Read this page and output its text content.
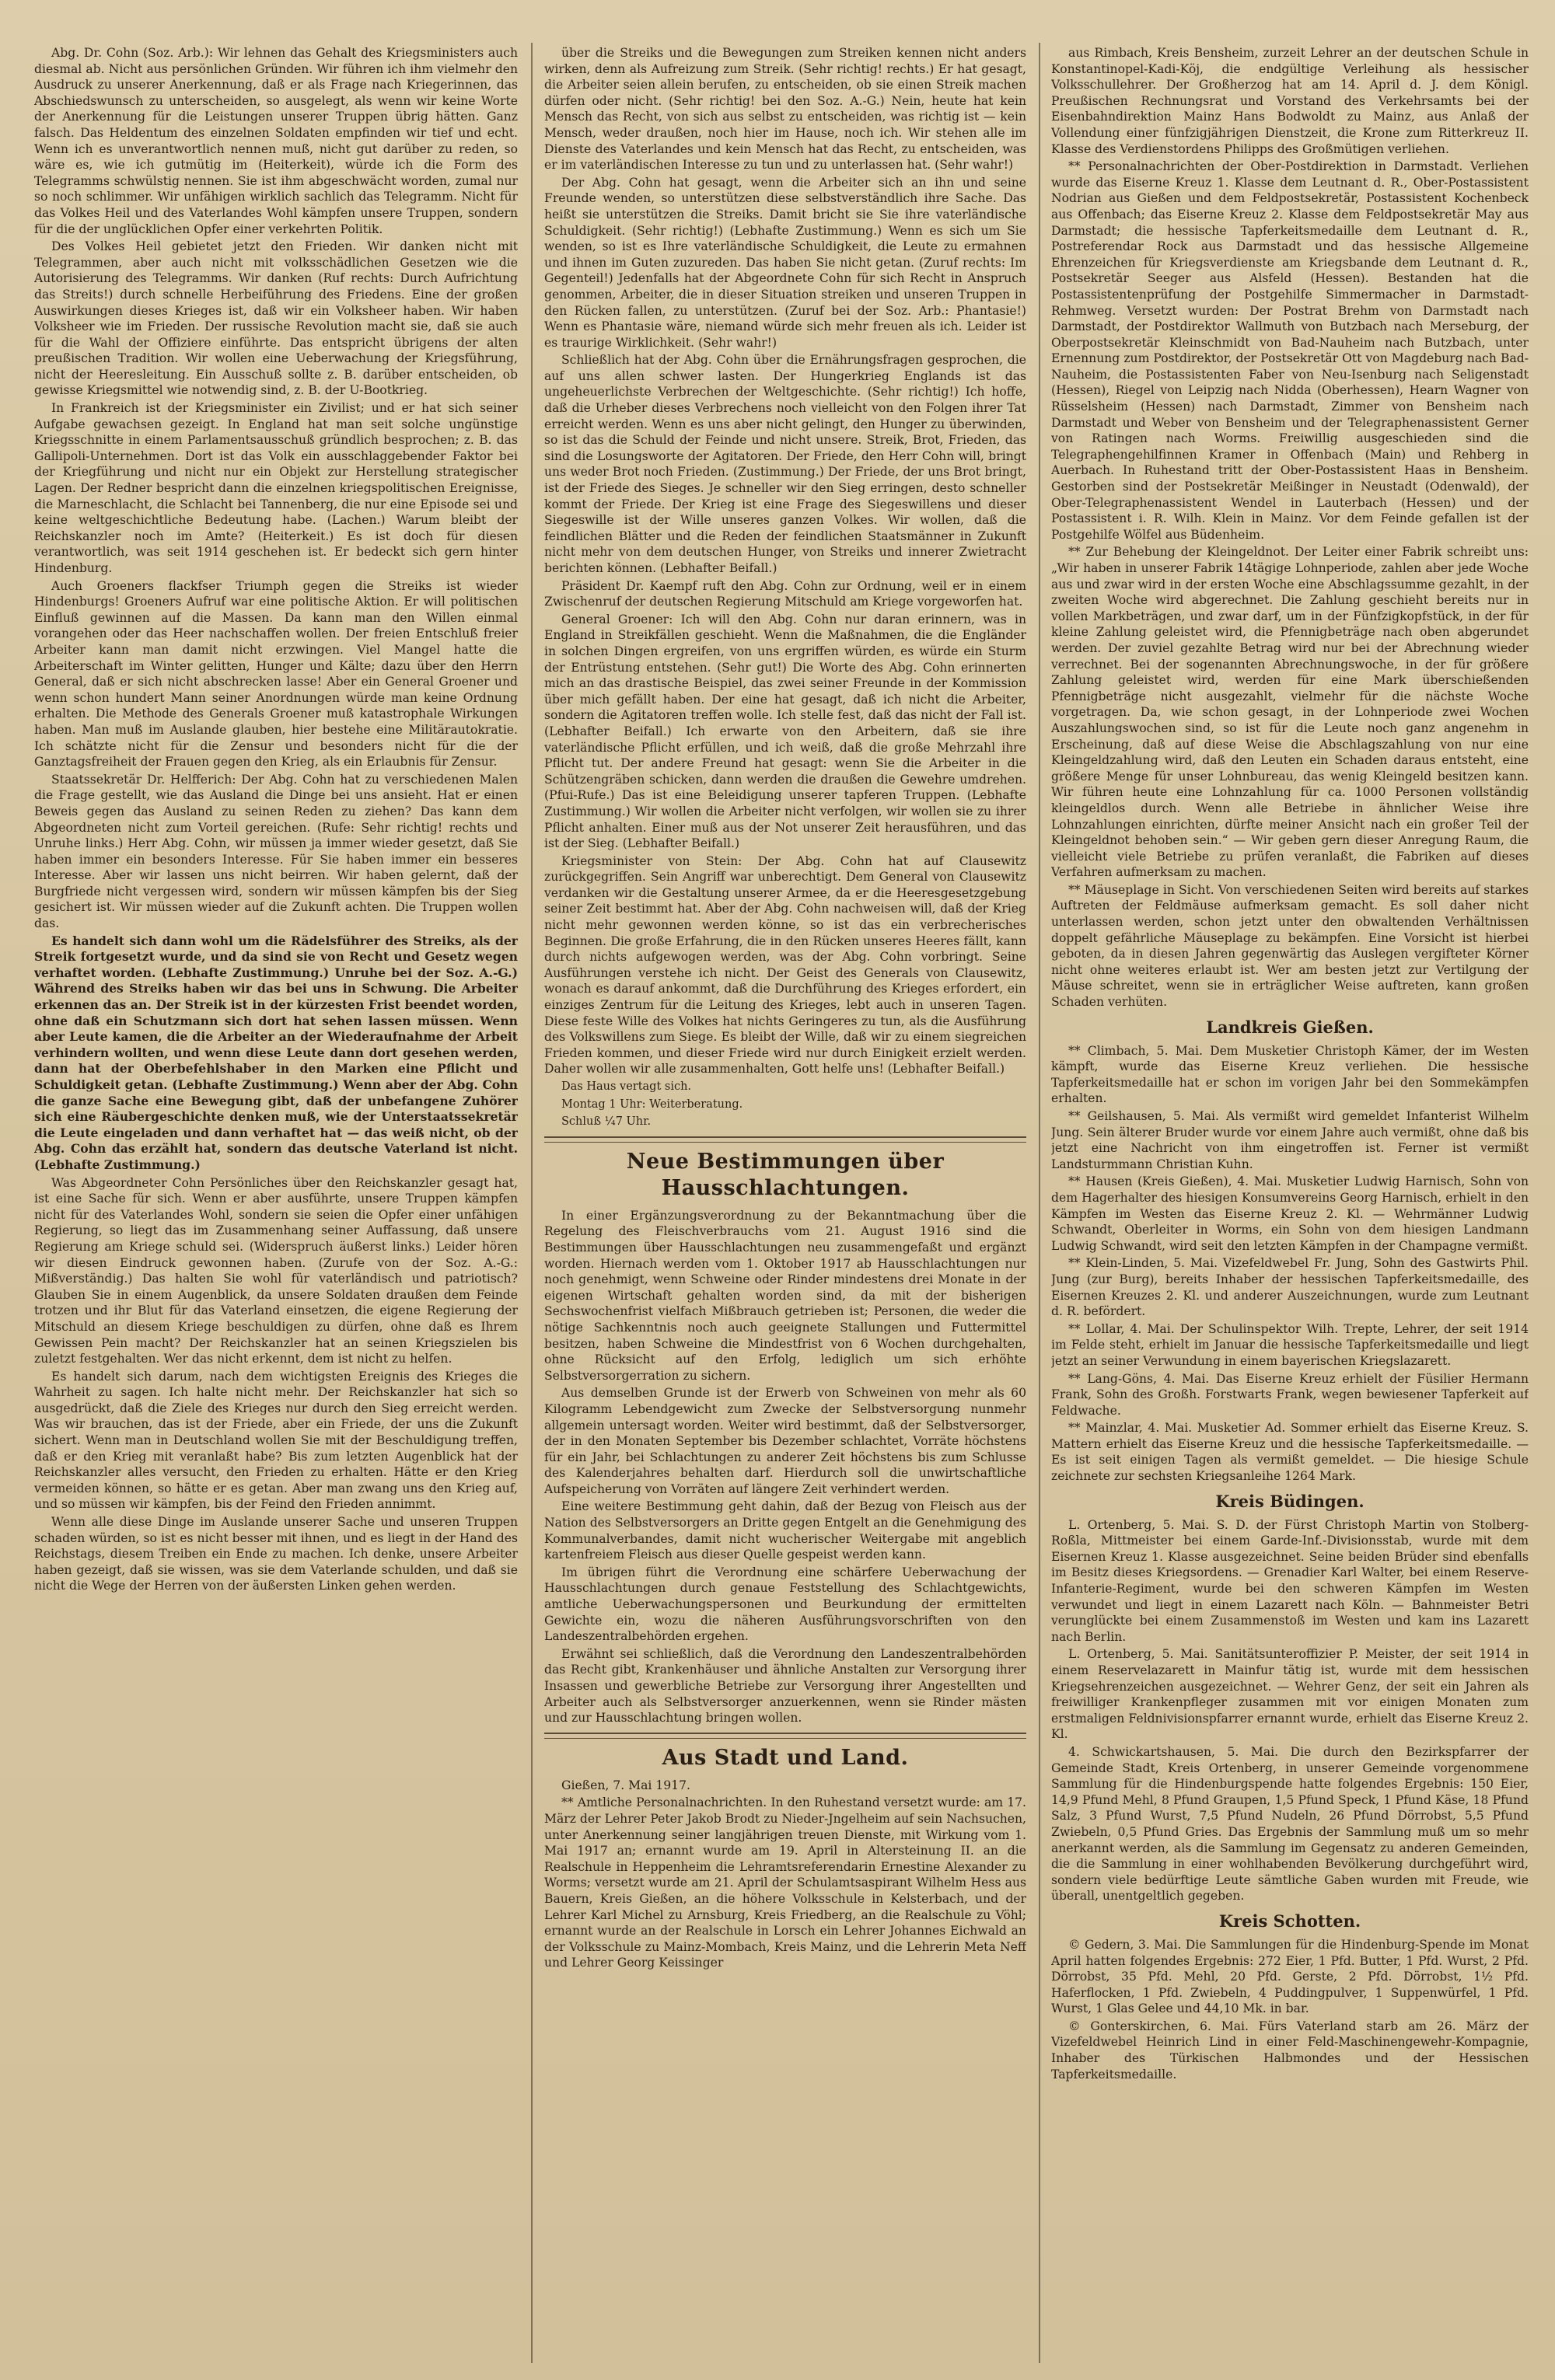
Abg. Dr. Cohn (Soz. Arb.): Wir lehnen das Gehalt des Kriegsministers auch diesmal ab. Nicht aus persönlichen Gründen. Wir führen ich ihm vielmehr den Ausdruck zu unserer Anerkennung, daß er als Frage nach Kriegerinnen, das Abschiedswunsch zu unterscheiden, so ausgelegt, als wenn wir keine Worte der Anerkennung für die Leistungen unserer Truppen übrig hätten. Ganz falsch. Das Heldentum des einzelnen Soldaten empfinden wir tief und echt. Wenn ich es unverantwortlich nennen muß, nicht gut darüber zu reden, so wäre es, wie ich gutmütig im (Heiterkeit), würde ich die Form des Telegramms schwülstig nennen. Sie ist ihm abgeschwächt worden, zumal nur so noch schlimmer. Wir unfähigen wirklich sachlich das Telegramm. Nicht für das Volkes Heil und des Vaterlandes Wohl kämpfen unsere Truppen, sondern für die der unglücklichen Opfer einer verkehrten Politik.

Des Volkes Heil gebietet jetzt den Frieden. Wir danken nicht mit Telegrammen, aber auch nicht mit volksschädlichen Gesetzen wie die Autorisierung des Telegramms. Wir danken (Ruf rechts: Durch Aufrichtung das Streits!) durch schnelle Herbeiführung des Friedens. Eine der großen Auswirkungen dieses Krieges ist, daß wir ein Volksheer haben. Wir haben Volksheer wie im Frieden. Der russische Revolution macht sie, daß sie auch für die Wahl der Offiziere einführte. Das entspricht übrigens der alten preußischen Tradition. Wir wollen eine Ueberwachung der Kriegsführung, nicht der Heeresleitung. Ein Ausschuß sollte z. B. darüber entscheiden, ob gewisse Kriegsmittel wie notwendig sind, z. B. der U-Bootkrieg.

In Frankreich ist der Kriegsminister ein Zivilist; und er hat sich seiner Aufgabe gewachsen gezeigt. In England hat man seit solche ungünstige Kriegsschnitte in einem Parlamentsausschuß gründlich besprochen; z. B. das Gallipoli-Unternehmen. Dort ist das Volk ein ausschlaggebender Faktor bei der Kriegführung und nicht nur ein Objekt zur Herstellung strategischer Lagen. Der Redner bespricht dann die einzelnen kriegspolitischen Ereignisse, die Marneschlacht, die Schlacht bei Tannenberg, die nur eine Episode sei und keine weltgeschichtliche Bedeutung habe. (Lachen.) Warum bleibt der Reichskanzler noch im Amte? (Heiterkeit.) Es ist doch für diesen verantwortlich, was seit 1914 geschehen ist. Er bedeckt sich gern hinter Hindenburg.

Auch Groeners flackfser Triumph gegen die Streiks ist wieder Hindenburgs! Groeners Aufruf war eine politische Aktion. Er will politischen Einfluß gewinnen auf die Massen. Da kann man den Willen einmal vorangehen oder das Heer nachschaffen wollen. Der freien Entschluß freier Arbeiter kann man damit nicht erzwingen. Viel Mangel hatte die Arbeiterschaft im Winter gelitten, Hunger und Kälte; dazu über den Herrn General, daß er sich nicht abschrecken lasse! Aber ein General Groener und wenn schon hundert Mann seiner Anordnungen würde man keine Ordnung erhalten. Die Methode des Generals Groener muß katastrophale Wirkungen haben. Man muß im Auslande glauben, hier bestehe eine Militärautokratie. Ich schätzte nicht für die Zensur und besonders nicht für die der Ganztagsfreiheit der Frauen gegen den Krieg, als ein Erlaubnis für Zensur.

Staatssekretär Dr. Helfferich: Der Abg. Cohn hat zu verschiedenen Malen die Frage gestellt, wie das Ausland die Dinge bei uns ansieht. Hat er einen Beweis gegen das Ausland zu seinen Reden zu ziehen? Das kann dem Abgeordneten nicht zum Vorteil gereichen. (Rufe: Sehr richtig! rechts und Unruhe links.) Herr Abg. Cohn, wir müssen ja immer wieder gesetzt, daß Sie haben immer ein besonders Interesse. Für Sie haben immer ein besseres Interesse. Aber wir lassen uns nicht beirren. Wir haben gelernt, daß der Burgfriede nicht vergessen wird, sondern wir müssen kämpfen bis der Sieg gesichert ist. Wir müssen wieder auf die Zukunft achten. Die Truppen wollen das.

Es handelt sich dann wohl um die Rädelsführer des Streiks, als der Streik fortgesetzt wurde, und da sind sie von Recht und Gesetz wegen verhaftet worden. (Lebhafte Zustimmung.) Unruhe bei der Soz. A.-G.) Während des Streiks haben wir das bei uns in Schwung. Die Arbeiter erkennen das an. Der Streik ist in der kürzesten Frist beendet worden, ohne daß ein Schutzmann sich dort hat sehen lassen müssen. Wenn aber Leute kamen, die die Arbeiter an der Wiederaufnahme der Arbeit verhindern wollten, und wenn diese Leute dann dort gesehen werden, dann hat der Oberbefehlshaber in den Marken eine Pflicht und Schuldigkeit getan. (Lebhafte Zustimmung.) Wenn aber der Abg. Cohn die ganze Sache eine Bewegung gibt, daß der unbefangene Zuhörer sich eine Räubergeschichte denken muß, wie der Unterstaatssekretär die Leute eingeladen und dann verhaftet hat — das weiß nicht, ob der Abg. Cohn das erzählt hat, sondern das deutsche Vaterland ist nicht. (Lebhafte Zustimmung.)

Was Abgeordneter Cohn Persönliches über den Reichskanzler gesagt hat, ist eine Sache für sich. Wenn er aber ausführte, unsere Truppen kämpfen nicht für des Vaterlandes Wohl, sondern sie seien die Opfer einer unfähigen Regierung, so liegt das im Zusammenhang seiner Auffassung, daß unsere Regierung am Kriege schuld sei. (Widerspruch äußerst links.) Leider hören wir diesen Eindruck gewonnen haben. (Zurufe von der Soz. A.-G.: Mißverständig.) Das halten Sie wohl für vaterländisch und patriotisch? Glauben Sie in einem Augenblick, da unsere Soldaten draußen dem Feinde trotzen und ihr Blut für das Vaterland einsetzen, die eigene Regierung der Mitschuld an diesem Kriege beschuldigen zu dürfen, ohne daß es Ihrem Gewissen Pein macht? Der Reichskanzler hat an seinen Kriegszielen bis zuletzt festgehalten. Wer das nicht erkennt, dem ist nicht zu helfen.

Es handelt sich darum, nach dem wichtigsten Ereignis des Krieges die Wahrheit zu sagen. Ich halte nicht mehr. Der Reichskanzler hat sich so ausgedrückt, daß die Ziele des Krieges nur durch den Sieg erreicht werden. Was wir brauchen, das ist der Friede, aber ein Friede, der uns die Zukunft sichert. Wenn man in Deutschland wollen Sie mit der Beschuldigung treffen, daß er den Krieg mit veranlaßt habe? Bis zum letzten Augenblick hat der Reichskanzler alles versucht, den Frieden zu erhalten. Hätte er den Krieg vermeiden können, so hätte er es getan. Aber man zwang uns den Krieg auf, und so müssen wir kämpfen, bis der Feind den Frieden annimmt.

Wenn alle diese Dinge im Auslande unserer Sache und unseren Truppen schaden würden, so ist es nicht besser mit ihnen, und es liegt in der Hand des Reichstags, diesem Treiben ein Ende zu machen. Ich denke, unsere Arbeiter haben gezeigt, daß sie wissen, was sie dem Vaterlande schulden, und daß sie nicht die Wege der Herren von der äußersten Linken gehen werden.

über die Streiks und die Bewegungen zum Streiken kennen nicht anders wirken, denn als Aufreizung zum Streik. (Sehr richtig! rechts.) Er hat gesagt, die Arbeiter seien allein berufen, zu entscheiden, ob sie einen Streik machen dürfen oder nicht. (Sehr richtig! bei den Soz. A.-G.) Nein, heute hat kein Mensch das Recht, von sich aus selbst zu entscheiden, was richtig ist — kein Mensch, weder draußen, noch hier im Hause, noch ich. Wir stehen alle im Dienste des Vaterlandes und kein Mensch hat das Recht, zu entscheiden, was er im vaterländischen Interesse zu tun und zu unterlassen hat. (Sehr wahr!)

Der Abg. Cohn hat gesagt, wenn die Arbeiter sich an ihn und seine Freunde wenden, so unterstützen diese selbstverständlich ihre Sache. Das heißt sie unterstützen die Streiks. Damit bricht sie Sie ihre vaterländische Schuldigkeit. (Sehr richtig!) (Lebhafte Zustimmung.) Wenn es sich um Sie wenden, so ist es Ihre vaterländische Schuldigkeit, die Leute zu ermahnen und ihnen im Guten zuzureden. Das haben Sie nicht getan. (Zuruf rechts: Im Gegenteil!) Jedenfalls hat der Abgeordnete Cohn für sich Recht in Anspruch genommen, Arbeiter, die in dieser Situation streiken und unseren Truppen in den Rücken fallen, zu unterstützen. (Zuruf bei der Soz. Arb.: Phantasie!) Wenn es Phantasie wäre, niemand würde sich mehr freuen als ich. Leider ist es traurige Wirklichkeit. (Sehr wahr!)

Schließlich hat der Abg. Cohn über die Ernährungsfragen gesprochen, die auf uns allen schwer lasten. Der Hungerkrieg Englands ist das ungeheuerlichste Verbrechen der Weltgeschichte. (Sehr richtig!) Ich hoffe, daß die Urheber dieses Verbrechens noch vielleicht von den Folgen ihrer Tat erreicht werden. Wenn es uns aber nicht gelingt, den Hunger zu überwinden, so ist das die Schuld der Feinde und nicht unsere. Streik, Brot, Frieden, das sind die Losungsworte der Agitatoren. Der Friede, den Herr Cohn will, bringt uns weder Brot noch Frieden. (Zustimmung.) Der Friede, der uns Brot bringt, ist der Friede des Sieges. Je schneller wir den Sieg erringen, desto schneller kommt der Friede. Der Krieg ist eine Frage des Siegeswillens und dieser Siegeswille ist der Wille unseres ganzen Volkes. Wir wollen, daß die feindlichen Blätter und die Reden der feindlichen Staatsmänner in Zukunft nicht mehr von dem deutschen Hunger, von Streiks und innerer Zwietracht berichten können. (Lebhafter Beifall.)

Präsident Dr. Kaempf ruft den Abg. Cohn zur Ordnung, weil er in einem Zwischenruf der deutschen Regierung Mitschuld am Kriege vorgeworfen hat.

General Groener: Ich will den Abg. Cohn nur daran erinnern, was in England in Streikfällen geschieht. Wenn die Maßnahmen, die die Engländer in solchen Dingen ergreifen, von uns ergriffen würden, es würde ein Sturm der Entrüstung entstehen. (Sehr gut!) Die Worte des Abg. Cohn erinnerten mich an das drastische Beispiel, das zwei seiner Freunde in der Kommission über mich gefällt haben. Der eine hat gesagt, daß ich nicht die Arbeiter, sondern die Agitatoren treffen wolle. Ich stelle fest, daß das nicht der Fall ist. (Lebhafter Beifall.) Ich erwarte von den Arbeitern, daß sie ihre vaterländische Pflicht erfüllen, und ich weiß, daß die große Mehrzahl ihre Pflicht tut. Der andere Freund hat gesagt: wenn Sie die Arbeiter in die Schützengräben schicken, dann werden die draußen die Gewehre umdrehen. (Pfui-Rufe.) Das ist eine Beleidigung unserer tapferen Truppen. (Lebhafte Zustimmung.) Wir wollen die Arbeiter nicht verfolgen, wir wollen sie zu ihrer Pflicht anhalten. Einer muß aus der Not unserer Zeit herausführen, und das ist der Sieg. (Lebhafter Beifall.)

Kriegsminister von Stein: Der Abg. Cohn hat auf Clausewitz zurückgegriffen. Sein Angriff war unberechtigt. Dem General von Clausewitz verdanken wir die Gestaltung unserer Armee, da er die Heeresgesetzgebung seiner Zeit bestimmt hat. Aber der Abg. Cohn nachweisen will, daß der Krieg nicht mehr gewonnen werden könne, so ist das ein verbrecherisches Beginnen. Die große Erfahrung, die in den Rücken unseres Heeres fällt, kann durch nichts aufgewogen werden, was der Abg. Cohn vorbringt. Seine Ausführungen verstehe ich nicht. Der Geist des Generals von Clausewitz, wonach es darauf ankommt, daß die Durchführung des Krieges erfordert, ein einziges Zentrum für die Leitung des Krieges, lebt auch in unseren Tagen. Diese feste Wille des Volkes hat nichts Geringeres zu tun, als die Ausführung des Volkswillens zum Siege. Es bleibt der Wille, daß wir zu einem siegreichen Frieden kommen, und dieser Friede wird nur durch Einigkeit erzielt werden. Daher wollen wir alle zusammenhalten, Gott helfe uns! (Lebhafter Beifall.)

Das Haus vertagt sich.

Montag 1 Uhr: Weiterberatung.

Schluß ¼7 Uhr.

Neue Bestimmungen über Hausschlachtungen.

In einer Ergänzungsverordnung zu der Bekanntmachung über die Regelung des Fleischverbrauchs vom 21. August 1916 sind die Bestimmungen über Hausschlachtungen neu zusammengefaßt und ergänzt worden. Hiernach werden vom 1. Oktober 1917 ab Hausschlachtungen nur noch genehmigt, wenn Schweine oder Rinder mindestens drei Monate in der eigenen Wirtschaft gehalten worden sind, da mit der bisherigen Sechswochenfrist vielfach Mißbrauch getrieben ist; Personen, die weder die nötige Sachkenntnis noch auch geeignete Stallungen und Futtermittel besitzen, haben Schweine die Mindestfrist von 6 Wochen durchgehalten, ohne Rücksicht auf den Erfolg, lediglich um sich erhöhte Selbstversorgerration zu sichern.

Aus demselben Grunde ist der Erwerb von Schweinen von mehr als 60 Kilogramm Lebendgewicht zum Zwecke der Selbstversorgung nunmehr allgemein untersagt worden. Weiter wird bestimmt, daß der Selbstversorger, der in den Monaten September bis Dezember schlachtet, Vorräte höchstens für ein Jahr, bei Schlachtungen zu anderer Zeit höchstens bis zum Schlusse des Kalenderjahres behalten darf. Hierdurch soll die unwirtschaftliche Aufspeicherung von Vorräten auf längere Zeit verhindert werden.

Eine weitere Bestimmung geht dahin, daß der Bezug von Fleisch aus der Nation des Selbstversorgers an Dritte gegen Entgelt an die Genehmigung des Kommunalverbandes, damit nicht wucherischer Weitergabe mit angeblich kartenfreiem Fleisch aus dieser Quelle gespeist werden kann.

Im übrigen führt die Verordnung eine schärfere Ueberwachung der Hausschlachtungen durch genaue Feststellung des Schlachtgewichts, amtliche Ueberwachungspersonen und Beurkundung der ermittelten Gewichte ein, wozu die näheren Ausführungsvorschriften von den Landeszentralbehörden ergehen.

Erwähnt sei schließlich, daß die Verordnung den Landeszentralbehörden das Recht gibt, Krankenhäuser und ähnliche Anstalten zur Versorgung ihrer Insassen und gewerbliche Betriebe zur Versorgung ihrer Angestellten und Arbeiter auch als Selbstversorger anzuerkennen, wenn sie Rinder mästen und zur Hausschlachtung bringen wollen.

Aus Stadt und Land.

Gießen, 7. Mai 1917.

** Amtliche Personalnachrichten. In den Ruhestand versetzt wurde: am 17. März der Lehrer Peter Jakob Brodt zu Nieder-Jngelheim auf sein Nachsuchen, unter Anerkennung seiner langjährigen treuen Dienste, mit Wirkung vom 1. Mai 1917 an; ernannt wurde am 19. April in Altersteinung II. an die Realschule in Heppenheim die Lehramtsreferendarin Ernestine Alexander zu Worms; versetzt wurde am 21. April der Schulamtsaspirant Wilhelm Hess aus Bauern, Kreis Gießen, an die höhere Volksschule in Kelsterbach, und der Lehrer Karl Michel zu Arnsburg, Kreis Friedberg, an die Realschule zu Vöhl; ernannt wurde an der Realschule in Lorsch ein Lehrer Johannes Eichwald an der Volksschule zu Mainz-Mombach, Kreis Mainz, und die Lehrerin Meta Neff und Lehrer Georg Keissinger

aus Rimbach, Kreis Bensheim, zurzeit Lehrer an der deutschen Schule in Konstantinopel-Kadi-Köj, die endgültige Verleihung als hessischer Volksschullehrer. Der Großherzog hat am 14. April d. J. dem Königl. Preußischen Rechnungsrat und Vorstand des Verkehrsamts bei der Eisenbahndirektion Mainz Hans Bodwoldt zu Mainz, aus Anlaß der Vollendung einer fünfzigjährigen Dienstzeit, die Krone zum Ritterkreuz II. Klasse des Verdienstordens Philipps des Großmütigen verliehen.

** Personalnachrichten der Ober-Postdirektion in Darmstadt. Verliehen wurde das Eiserne Kreuz 1. Klasse dem Leutnant d. R., Ober-Postassistent Nodrian aus Gießen und dem Feldpostsekretär, Postassistent Kochenbeck aus Offenbach; das Eiserne Kreuz 2. Klasse dem Feldpostsekretär May aus Darmstadt; die hessische Tapferkeitsmedaille dem Leutnant d. R., Postreferendar Rock aus Darmstadt und das hessische Allgemeine Ehrenzeichen für Kriegsverdienste am Kriegsbande dem Leutnant d. R., Postsekretär Seeger aus Alsfeld (Hessen). Bestanden hat die Postassistentenprüfung der Postgehilfe Simmermacher in Darmstadt-Rehmweg. Versetzt wurden: Der Postrat Brehm von Darmstadt nach Darmstadt, der Postdirektor Wallmuth von Butzbach nach Merseburg, der Oberpostsekretär Kleinschmidt von Bad-Nauheim nach Butzbach, unter Ernennung zum Postdirektor, der Postsekretär Ott von Magdeburg nach Bad-Nauheim, die Postassistenten Faber von Neu-Isenburg nach Seligenstadt (Hessen), Riegel von Leipzig nach Nidda (Oberhessen), Hearn Wagner von Rüsselsheim (Hessen) nach Darmstadt, Zimmer von Bensheim nach Darmstadt und Weber von Bensheim und der Telegraphenassistent Gerner von Ratingen nach Worms. Freiwillig ausgeschieden sind die Telegraphengehilfinnen Kramer in Offenbach (Main) und Rehberg in Auerbach. In Ruhestand tritt der Ober-Postassistent Haas in Bensheim. Gestorben sind der Postsekretär Meißinger in Neustadt (Odenwald), der Ober-Telegraphenassistent Wendel in Lauterbach (Hessen) und der Postassistent i. R. Wilh. Klein in Mainz. Vor dem Feinde gefallen ist der Postgehilfe Wölfel aus Büdenheim.

** Zur Behebung der Kleingeldnot. Der Leiter einer Fabrik schreibt uns: „Wir haben in unserer Fabrik 14tägige Lohnperiode, zahlen aber jede Woche aus und zwar wird in der ersten Woche eine Abschlagssumme gezahlt, in der zweiten Woche wird abgerechnet. Die Zahlung geschieht bereits nur in vollen Markbeträgen, und zwar darf, um in der Fünfzigkopfstück, in der für kleine Zahlung geleistet wird, die Pfennigbeträge nach oben abgerundet werden. Der zuviel gezahlte Betrag wird nur bei der Abrechnung wieder verrechnet. Bei der sogenannten Abrechnungswoche, in der für größere Zahlung geleistet wird, werden für eine Mark überschießenden Pfennigbeträge nicht ausgezahlt, vielmehr für die nächste Woche vorgetragen. Da, wie schon gesagt, in der Lohnperiode zwei Wochen Auszahlungswochen sind, so ist für die Leute noch ganz angenehm in Erscheinung, daß auf diese Weise die Abschlagszahlung von nur eine Kleingeldzahlung wird, daß den Leuten ein Schaden daraus entsteht, eine größere Menge für unser Lohnbureau, das wenig Kleingeld besitzen kann. Wir führen heute eine Lohnzahlung für ca. 1000 Personen vollständig kleingeldlos durch. Wenn alle Betriebe in ähnlicher Weise ihre Lohnzahlungen einrichten, dürfte meiner Ansicht nach ein großer Teil der Kleingeldnot behoben sein.“ — Wir geben gern dieser Anregung Raum, die vielleicht viele Betriebe zu prüfen veranlaßt, die Fabriken auf dieses Verfahren aufmerksam zu machen.

** Mäuseplage in Sicht. Von verschiedenen Seiten wird bereits auf starkes Auftreten der Feldmäuse aufmerksam gemacht. Es soll daher nicht unterlassen werden, schon jetzt unter den obwaltenden Verhältnissen doppelt gefährliche Mäuseplage zu bekämpfen. Eine Vorsicht ist hierbei geboten, da in diesen Jahren gegenwärtig das Auslegen vergifteter Körner nicht ohne weiteres erlaubt ist. Wer am besten jetzt zur Vertilgung der Mäuse schreitet, wenn sie in erträglicher Weise auftreten, kann großen Schaden verhüten.

Landkreis Gießen.

** Climbach, 5. Mai. Dem Musketier Christoph Kämer, der im Westen kämpft, wurde das Eiserne Kreuz verliehen. Die hessische Tapferkeitsmedaille hat er schon im vorigen Jahr bei den Sommekämpfen erhalten.

** Geilshausen, 5. Mai. Als vermißt wird gemeldet Infanterist Wilhelm Jung. Sein älterer Bruder wurde vor einem Jahre auch vermißt, ohne daß bis jetzt eine Nachricht von ihm eingetroffen ist. Ferner ist vermißt Landsturmmann Christian Kuhn.

** Hausen (Kreis Gießen), 4. Mai. Musketier Ludwig Harnisch, Sohn von dem Hagerhalter des hiesigen Konsumvereins Georg Harnisch, erhielt in den Kämpfen im Westen das Eiserne Kreuz 2. Kl. — Wehrmänner Ludwig Schwandt, Oberleiter in Worms, ein Sohn von dem hiesigen Landmann Ludwig Schwandt, wird seit den letzten Kämpfen in der Champagne vermißt.

** Klein-Linden, 5. Mai. Vizefeldwebel Fr. Jung, Sohn des Gastwirts Phil. Jung (zur Burg), bereits Inhaber der hessischen Tapferkeitsmedaille, des Eisernen Kreuzes 2. Kl. und anderer Auszeichnungen, wurde zum Leutnant d. R. befördert.

** Lollar, 4. Mai. Der Schulinspektor Wilh. Trepte, Lehrer, der seit 1914 im Felde steht, erhielt im Januar die hessische Tapferkeitsmedaille und liegt jetzt an seiner Verwundung in einem bayerischen Kriegslazarett.

** Lang-Göns, 4. Mai. Das Eiserne Kreuz erhielt der Füsilier Hermann Frank, Sohn des Großh. Forstwarts Frank, wegen bewiesener Tapferkeit auf Feldwache.

** Mainzlar, 4. Mai. Musketier Ad. Sommer erhielt das Eiserne Kreuz. S. Mattern erhielt das Eiserne Kreuz und die hessische Tapferkeitsmedaille. — Es ist seit einigen Tagen als vermißt gemeldet. — Die hiesige Schule zeichnete zur sechsten Kriegsanleihe 1264 Mark.

Kreis Büdingen.

L. Ortenberg, 5. Mai. S. D. der Fürst Christoph Martin von Stolberg-Roßla, Mittmeister bei einem Garde-Inf.-Divisionsstab, wurde mit dem Eisernen Kreuz 1. Klasse ausgezeichnet. Seine beiden Brüder sind ebenfalls im Besitz dieses Kriegsordens. — Grenadier Karl Walter, bei einem Reserve-Infanterie-Regiment, wurde bei den schweren Kämpfen im Westen verwundet und liegt in einem Lazarett nach Köln. — Bahnmeister Betri verunglückte bei einem Zusammenstoß im Westen und kam ins Lazarett nach Berlin.

L. Ortenberg, 5. Mai. Sanitätsunteroffizier P. Meister, der seit 1914 in einem Reservelazarett in Mainfur tätig ist, wurde mit dem hessischen Kriegsehrenzeichen ausgezeichnet. — Wehrer Genz, der seit ein Jahren als freiwilliger Krankenpfleger zusammen mit vor einigen Monaten zum erstmaligen Feldnivisionspfarrer ernannt wurde, erhielt das Eiserne Kreuz 2. Kl.

4. Schwickartshausen, 5. Mai. Die durch den Bezirkspfarrer der Gemeinde Stadt, Kreis Ortenberg, in unserer Gemeinde vorgenommene Sammlung für die Hindenburgspende hatte folgendes Ergebnis: 150 Eier, 14,9 Pfund Mehl, 8 Pfund Graupen, 1,5 Pfund Speck, 1 Pfund Käse, 18 Pfund Salz, 3 Pfund Wurst, 7,5 Pfund Nudeln, 26 Pfund Dörrobst, 5,5 Pfund Zwiebeln, 0,5 Pfund Gries. Das Ergebnis der Sammlung muß um so mehr anerkannt werden, als die Sammlung im Gegensatz zu anderen Gemeinden, die die Sammlung in einer wohlhabenden Bevölkerung durchgeführt wird, sondern viele bedürftige Leute sämtliche Gaben wurden mit Freude, wie überall, unentgeltlich gegeben.

Kreis Schotten.

© Gedern, 3. Mai. Die Sammlungen für die Hindenburg-Spende im Monat April hatten folgendes Ergebnis: 272 Eier, 1 Pfd. Butter, 1 Pfd. Wurst, 2 Pfd. Dörrobst, 35 Pfd. Mehl, 20 Pfd. Gerste, 2 Pfd. Dörrobst, 1½ Pfd. Haferflocken, 1 Pfd. Zwiebeln, 4 Puddingpulver, 1 Suppenwürfel, 1 Pfd. Wurst, 1 Glas Gelee und 44,10 Mk. in bar.

© Gonterskirchen, 6. Mai. Fürs Vaterland starb am 26. März der Vizefeldwebel Heinrich Lind in einer Feld-Maschinengewehr-Kompagnie, Inhaber des Türkischen Halbmondes und der Hessischen Tapferkeitsmedaille.
